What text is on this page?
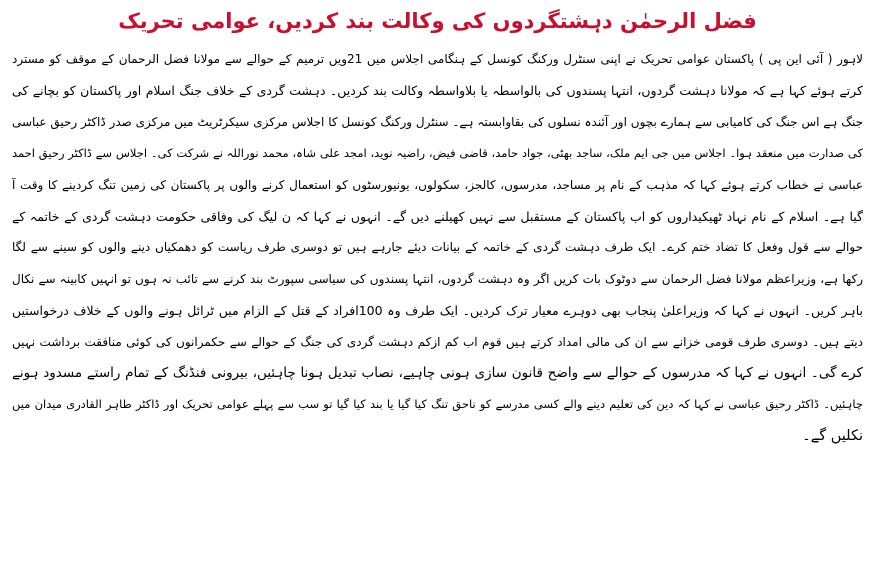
فضل الرحمٰن دہشتگردوں کی وکالت بند کردیں، عوامی تحریک
لاہور ( آئی این پی ) پاکستان عوامی تحریک نے اپنی سنٹرل ورکنگ کونسل کے ہنگامی اجلاس میں 21ویں ترمیم کے حوالے سے مولانا فضل الرحمان کے موقف کو مسترد
کرتے ہوئے کہا ہے کہ مولانا دہشت گردوں، انتہا پسندوں کی بالواسطہ یا بلاواسطہ وکالت بند کردیں۔ دہشت گردی کے خلاف جنگ اسلام اور پاکستان کو بچانے کی
جنگ ہے اس جنگ کی کامیابی سے ہمارے بچوں اور آئندہ نسلوں کی بقاوابستہ ہے۔ سنٹرل ورکنگ کونسل کا اجلاس مرکزی سیکرٹریٹ میں مرکزی صدر ڈاکٹر رحیق عباسی
کی صدارت میں منعقد ہوا۔ اجلاس میں جی ایم ملک، ساجد بھٹی، جواد حامد، قاضی فیض، راضیہ نوید، امجد علی شاہ، محمد نوراللہ نے شرکت کی۔ اجلاس سے ڈاکٹر رحیق احمد
عباسی نے خطاب کرتے ہوئے کہا کہ مذہب کے نام پر مساجد، مدرسوں، کالجز، سکولوں، یونیورسٹوں کو استعمال کرنے والوں پر پاکستان کی زمین تنگ کردینے کا وقت آ
گیا ہے۔ اسلام کے نام نہاد ٹھیکیداروں کو اب پاکستان کے مستقبل سے نہیں کھیلنے دیں گے۔ انہوں نے کہا کہ ن لیگ کی وفاقی حکومت دہشت گردی کے خاتمہ کے
حوالے سے قول وفعل کا تضاد ختم کرے۔ ایک طرف دہشت گردی کے خاتمہ کے بیانات دیئے جارہے ہیں تو دوسری طرف ریاست کو دھمکیاں دینے والوں کو سینے سے لگا
رکھا ہے، وزیراعظم مولانا فضل الرحمان سے دوٹوک بات کریں اگر وہ دہشت گردوں، انتہا پسندوں کی سیاسی سپورٹ بند کرنے سے تائب نہ ہوں تو انہیں کابینہ سے نکال
باہر کریں۔ انہوں نے کہا کہ وزیراعلیٰ پنجاب بھی دوہرے معیار ترک کردیں۔ ایک طرف وہ 100افراد کے قتل کے الزام میں ٹرائل ہونے والوں کے خلاف درخواستیں
دیتے ہیں۔ دوسری طرف قومی خزانے سے ان کی مالی امداد کرتے ہیں قوم اب کم ازکم دہشت گردی کی جنگ کے حوالے سے حکمرانوں کی کوئی منافقت برداشت نہیں
کرے گی۔ انہوں نے کہا کہ مدرسوں کے حوالے سے واضح قانون سازی ہونی چاہیے، نصاب تبدیل ہونا چاہئیں، بیرونی فنڈنگ کے تمام راستے مسدود ہونے
چاہئیں۔ ڈاکٹر رحیق عباسی نے کہا کہ دین کی تعلیم دینے والے کسی مدرسے کو ناحق تنگ کیا گیا یا بند کیا گیا تو سب سے پہلے عوامی تحریک اور ڈاکٹر طاہر القادری میدان میں
نکلیں گے۔
